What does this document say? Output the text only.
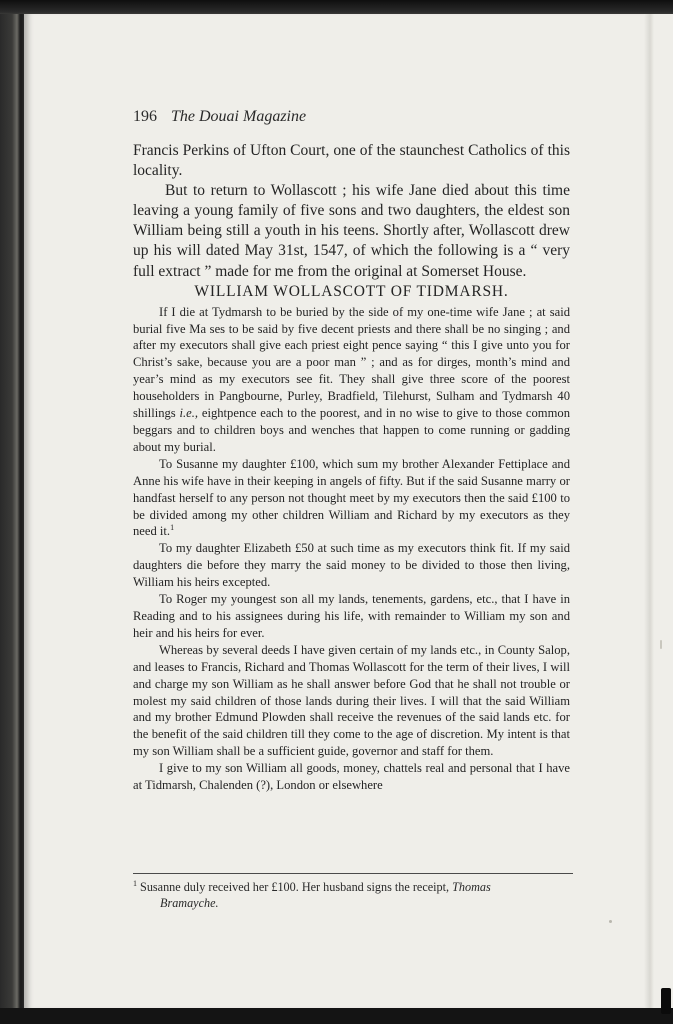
196 The Douai Magazine

Francis Perkins of Ufton Court, one of the staunchest Catholics of this locality.

But to return to Wollascott ; his wife Jane died about this time leaving a young family of five sons and two daughters, the eldest son William being still a youth in his teens. Shortly after, Wollascott drew up his will dated May 31st, 1547, of which the following is a “ very full extract ” made for me from the original at Somerset House.

WILLIAM WOLLASCOTT OF TIDMARSH.

If I die at Tydmarsh to be buried by the side of my one-time wife Jane ; at said burial five Ma ses to be said by five decent priests and there shall be no singing ; and after my executors shall give each priest eight pence saying “ this I give unto you for Christ’s sake, because you are a poor man ” ; and as for dirges, month’s mind and year’s mind as my executors see fit. They shall give three score of the poorest householders in Pangbourne, Purley, Bradfield, Tilehurst, Sulham and Tydmarsh 40 shillings i.e., eightpence each to the poorest, and in no wise to give to those common beggars and to children boys and wenches that happen to come running or gadding about my burial.

To Susanne my daughter £100, which sum my brother Alexander Fettiplace and Anne his wife have in their keeping in angels of fifty. But if the said Susanne marry or handfast herself to any person not thought meet by my executors then the said £100 to be divided among my other children William and Richard by my executors as they need it.$^1$

To my daughter Elizabeth £50 at such time as my executors think fit. If my said daughters die before they marry the said money to be divided to those then living, William his heirs excepted.

To Roger my youngest son all my lands, tenements, gardens, etc., that I have in Reading and to his assignees during his life, with remainder to William my son and heir and his heirs for ever.

Whereas by several deeds I have given certain of my lands etc., in County Salop, and leases to Francis, Richard and Thomas Wollascott for the term of their lives, I will and charge my son William as he shall answer before God that he shall not trouble or molest my said children of those lands during their lives. I will that the said William and my brother Edmund Plowden shall receive the revenues of the said lands etc. for the benefit of the said children till they come to the age of discretion. My intent is that my son William shall be a sufficient guide, governor and staff for them.

I give to my son William all goods, money, chattels real and personal that I have at Tidmarsh, Chalenden (?), London or elsewhere

$^1$ Susanne duly received her £100. Her husband signs the receipt, Thomas
Bramayche.
